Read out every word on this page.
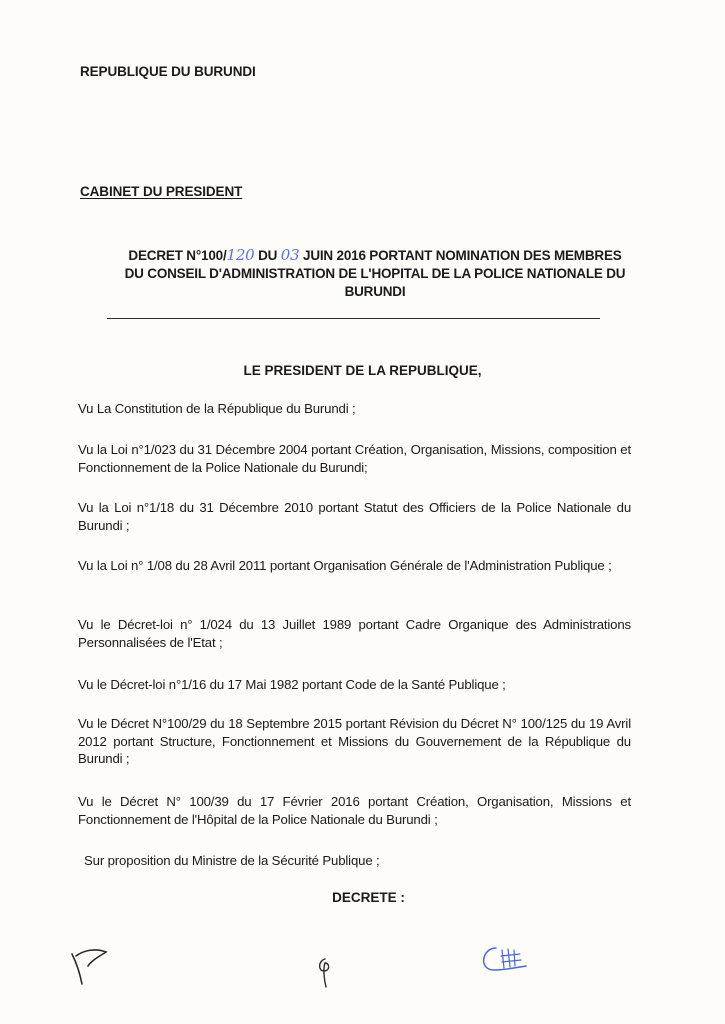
REPUBLIQUE DU BURUNDI
CABINET DU PRESIDENT
DECRET N°100/120 DU 03 JUIN 2016 PORTANT NOMINATION DES MEMBRES
DU CONSEIL D'ADMINISTRATION DE L'HOPITAL DE LA POLICE NATIONALE DU
BURUNDI
LE PRESIDENT DE LA REPUBLIQUE,
Vu La Constitution de la République du Burundi ;
Vu la Loi n°1/023 du 31 Décembre 2004 portant Création, Organisation, Missions, composition et Fonctionnement de la Police Nationale du Burundi;
Vu la Loi n°1/18 du 31 Décembre 2010 portant Statut des Officiers de la Police Nationale du Burundi ;
Vu la Loi n° 1/08 du 28 Avril 2011 portant Organisation Générale de l'Administration Publique ;
Vu le Décret-loi n° 1/024 du 13 Juillet 1989 portant Cadre Organique des Administrations Personnalisées de l'Etat ;
Vu le Décret-loi n°1/16 du 17 Mai 1982 portant Code de la Santé Publique ;
Vu le Décret N°100/29 du 18 Septembre 2015 portant Révision du Décret N° 100/125 du 19 Avril 2012 portant Structure, Fonctionnement et Missions du Gouvernement de la République du Burundi ;
Vu le Décret N° 100/39 du 17 Février 2016 portant Création, Organisation, Missions et Fonctionnement de l'Hôpital de la Police Nationale du Burundi ;
Sur proposition du Ministre de la Sécurité Publique ;
DECRETE :
